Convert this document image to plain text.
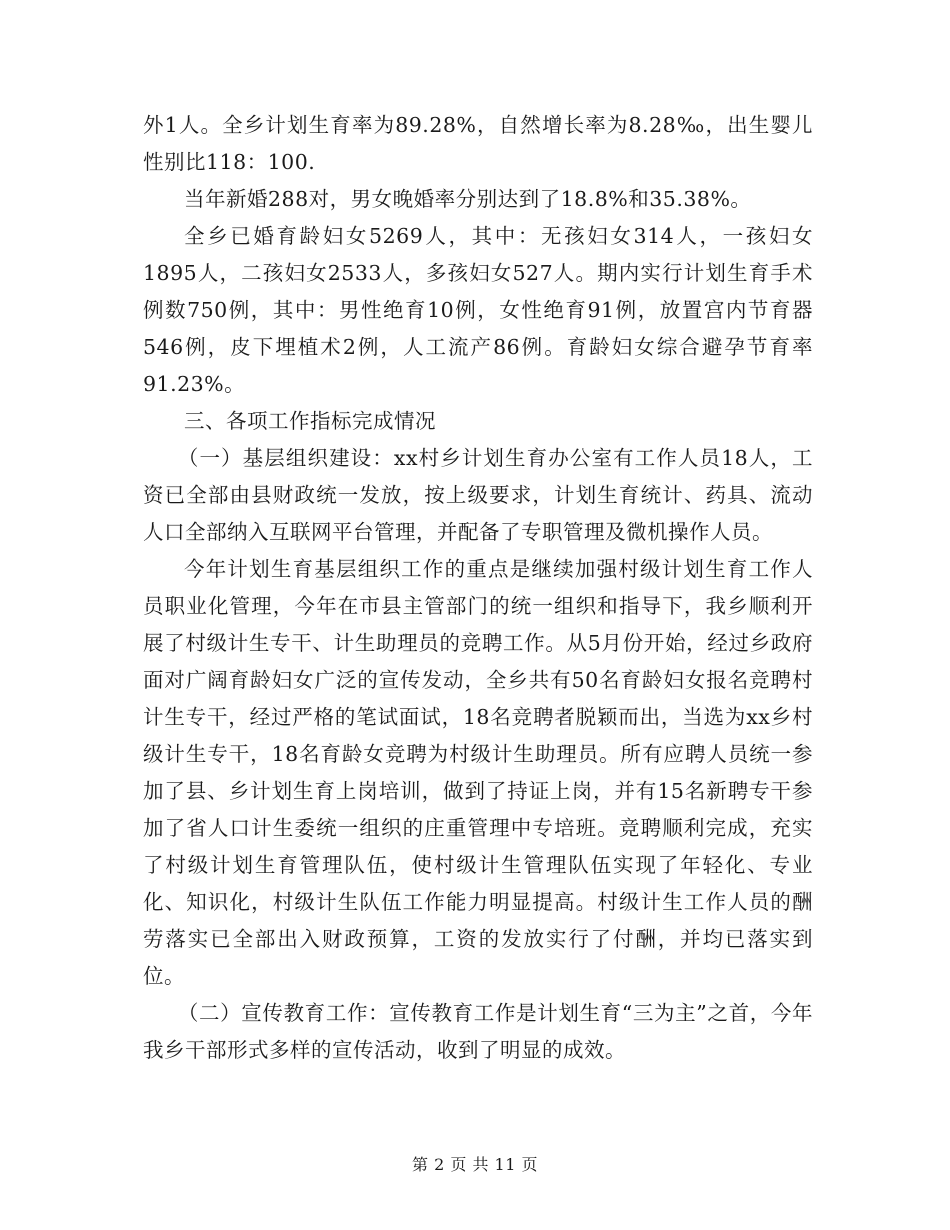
外1人。全乡计划生育率为89.28%，自然增长率为8.28‰，出生婴儿性别比118：100.

当年新婚288对，男女晚婚率分别达到了18.8%和35.38%。

全乡已婚育龄妇女5269人，其中：无孩妇女314人，一孩妇女1895人，二孩妇女2533人，多孩妇女527人。期内实行计划生育手术例数750例，其中：男性绝育10例，女性绝育91例，放置宫内节育器546例，皮下埋植术2例，人工流产86例。育龄妇女综合避孕节育率91.23%。

三、各项工作指标完成情况

（一）基层组织建设：xx村乡计划生育办公室有工作人员18人，工资已全部由县财政统一发放，按上级要求，计划生育统计、药具、流动人口全部纳入互联网平台管理，并配备了专职管理及微机操作人员。

今年计划生育基层组织工作的重点是继续加强村级计划生育工作人员职业化管理，今年在市县主管部门的统一组织和指导下，我乡顺利开展了村级计生专干、计生助理员的竞聘工作。从5月份开始，经过乡政府面对广阔育龄妇女广泛的宣传发动，全乡共有50名育龄妇女报名竞聘村计生专干，经过严格的笔试面试，18名竞聘者脱颖而出，当选为xx乡村级计生专干，18名育龄女竞聘为村级计生助理员。所有应聘人员统一参加了县、乡计划生育上岗培训，做到了持证上岗，并有15名新聘专干参加了省人口计生委统一组织的庄重管理中专培班。竞聘顺利完成，充实了村级计划生育管理队伍，使村级计生管理队伍实现了年轻化、专业化、知识化，村级计生队伍工作能力明显提高。村级计生工作人员的酬劳落实已全部出入财政预算，工资的发放实行了付酬，并均已落实到位。

（二）宣传教育工作：宣传教育工作是计划生育“三为主”之首，今年我乡干部形式多样的宣传活动，收到了明显的成效。

第 2 页 共 11 页
